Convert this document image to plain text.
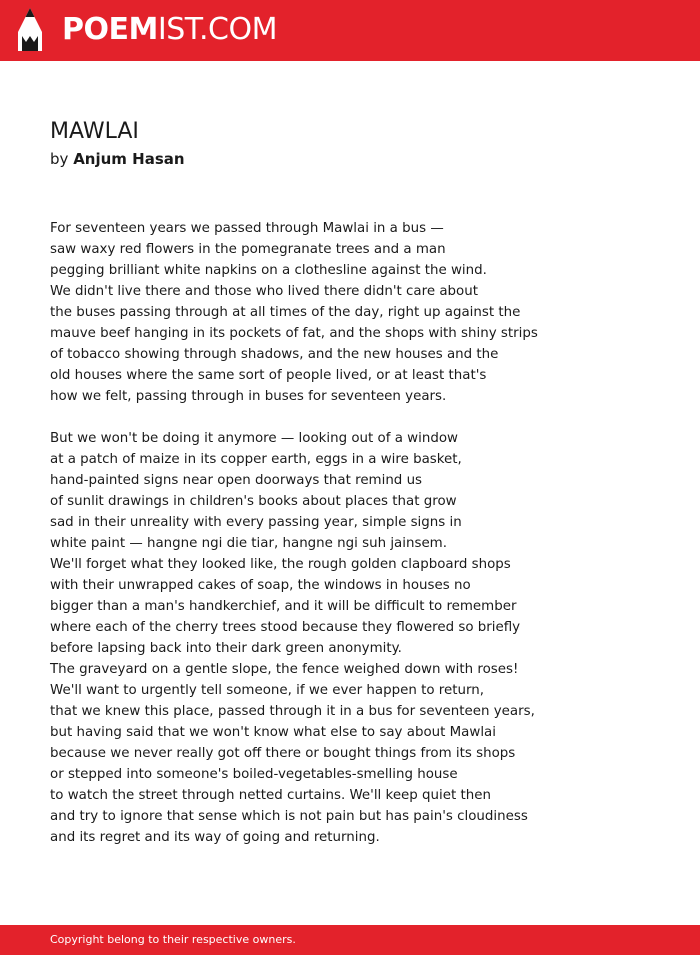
POEMIST.COM
MAWLAI
by Anjum Hasan

For seventeen years we passed through Mawlai in a bus —
saw waxy red flowers in the pomegranate trees and a man
pegging brilliant white napkins on a clothesline against the wind.
We didn't live there and those who lived there didn't care about
the buses passing through at all times of the day, right up against the
mauve beef hanging in its pockets of fat, and the shops with shiny strips
of tobacco showing through shadows, and the new houses and the
old houses where the same sort of people lived, or at least that's
how we felt, passing through in buses for seventeen years.

But we won't be doing it anymore — looking out of a window
at a patch of maize in its copper earth, eggs in a wire basket,
hand-painted signs near open doorways that remind us
of sunlit drawings in children's books about places that grow
sad in their unreality with every passing year, simple signs in
white paint — hangne ngi die tiar, hangne ngi suh jainsem.
We'll forget what they looked like, the rough golden clapboard shops
with their unwrapped cakes of soap, the windows in houses no
bigger than a man's handkerchief, and it will be difficult to remember
where each of the cherry trees stood because they flowered so briefly
before lapsing back into their dark green anonymity.
The graveyard on a gentle slope, the fence weighed down with roses!
We'll want to urgently tell someone, if we ever happen to return,
that we knew this place, passed through it in a bus for seventeen years,
but having said that we won't know what else to say about Mawlai
because we never really got off there or bought things from its shops
or stepped into someone's boiled-vegetables-smelling house
to watch the street through netted curtains. We'll keep quiet then
and try to ignore that sense which is not pain but has pain's cloudiness
and its regret and its way of going and returning.

Copyright belong to their respective owners.
